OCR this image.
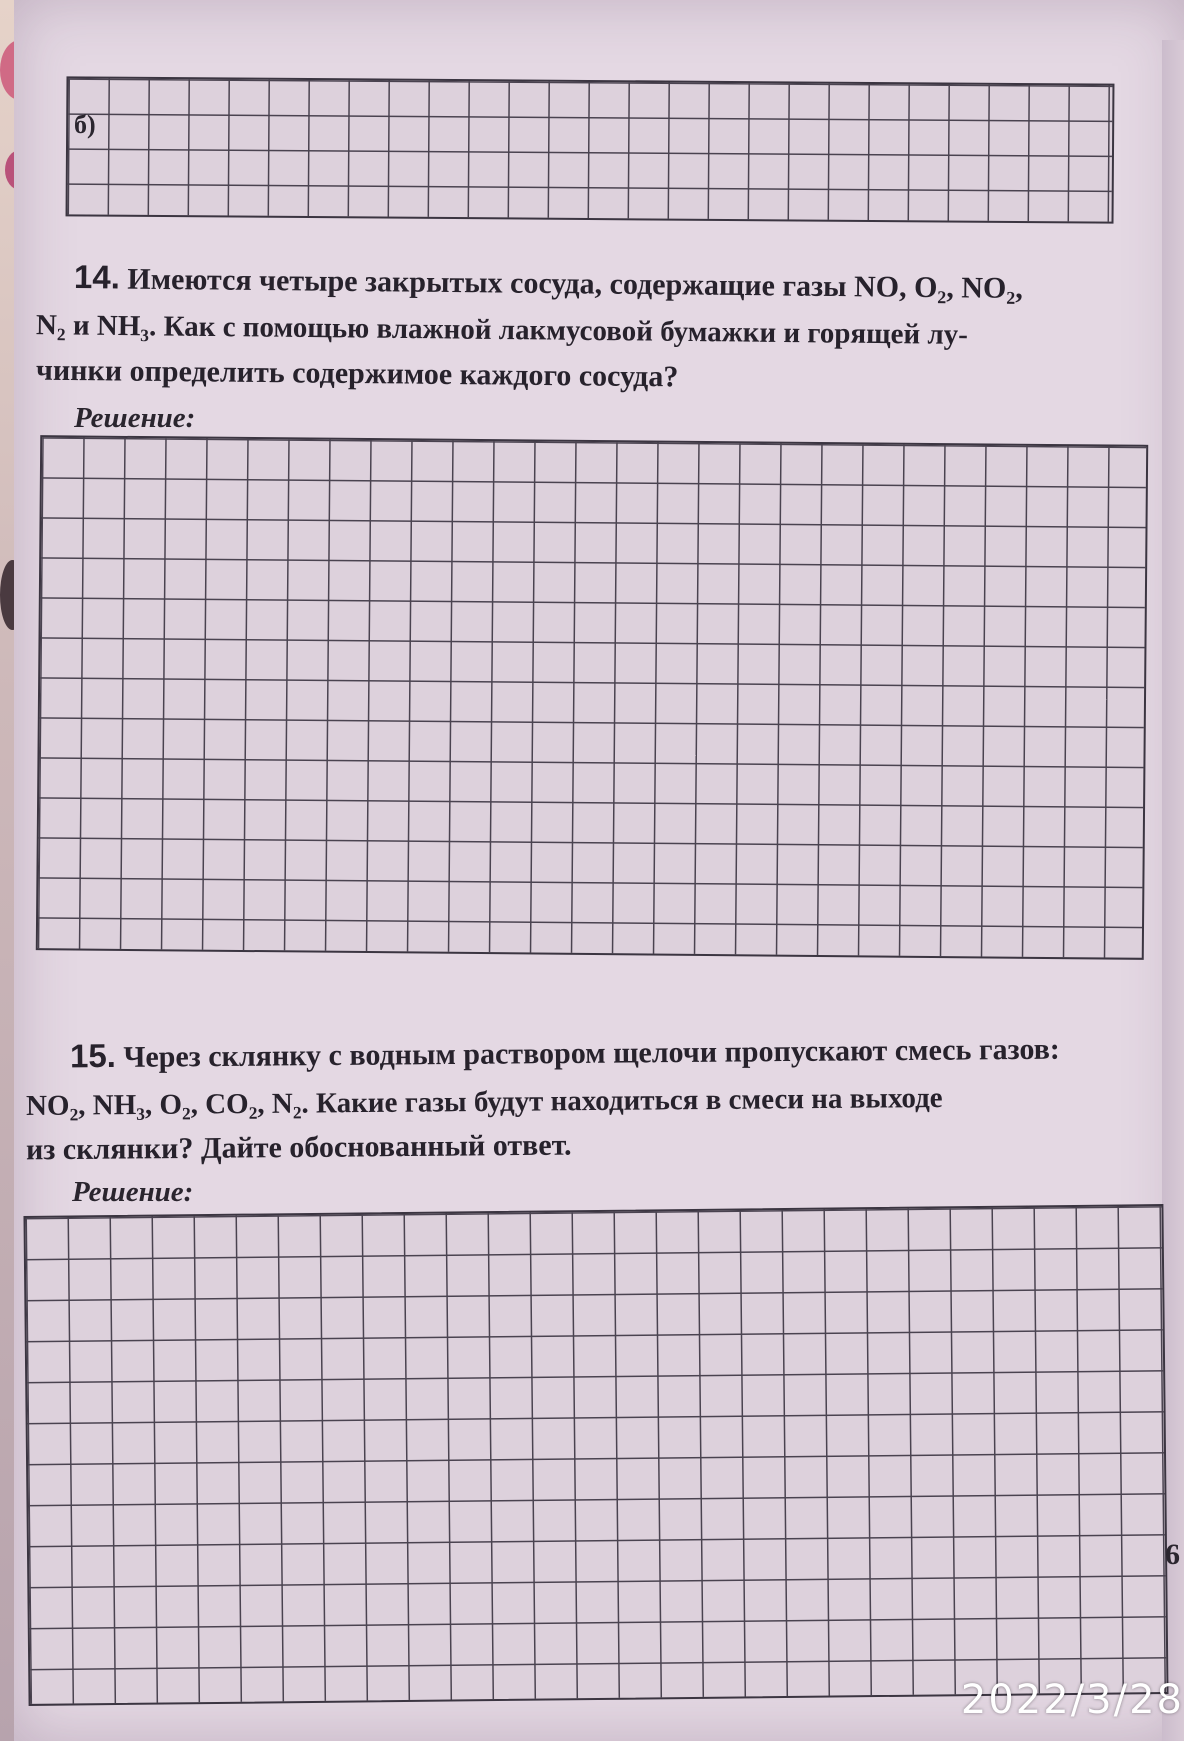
б)
14. Имеются четыре закрытых сосуда, содержащие газы NO, O₂, NO₂,
N₂ и NH₃. Как с помощью влажной лакмусовой бумажки и горящей лу-
чинки определить содержимое каждого сосуда?
Решение:
15. Через склянку с водным раствором щелочи пропускают смесь газов:
NO₂, NH₃, O₂, CO₂, N₂. Какие газы будут находиться в смеси на выходе
из склянки? Дайте обоснованный ответ.
Решение:
6
2022/3/28
